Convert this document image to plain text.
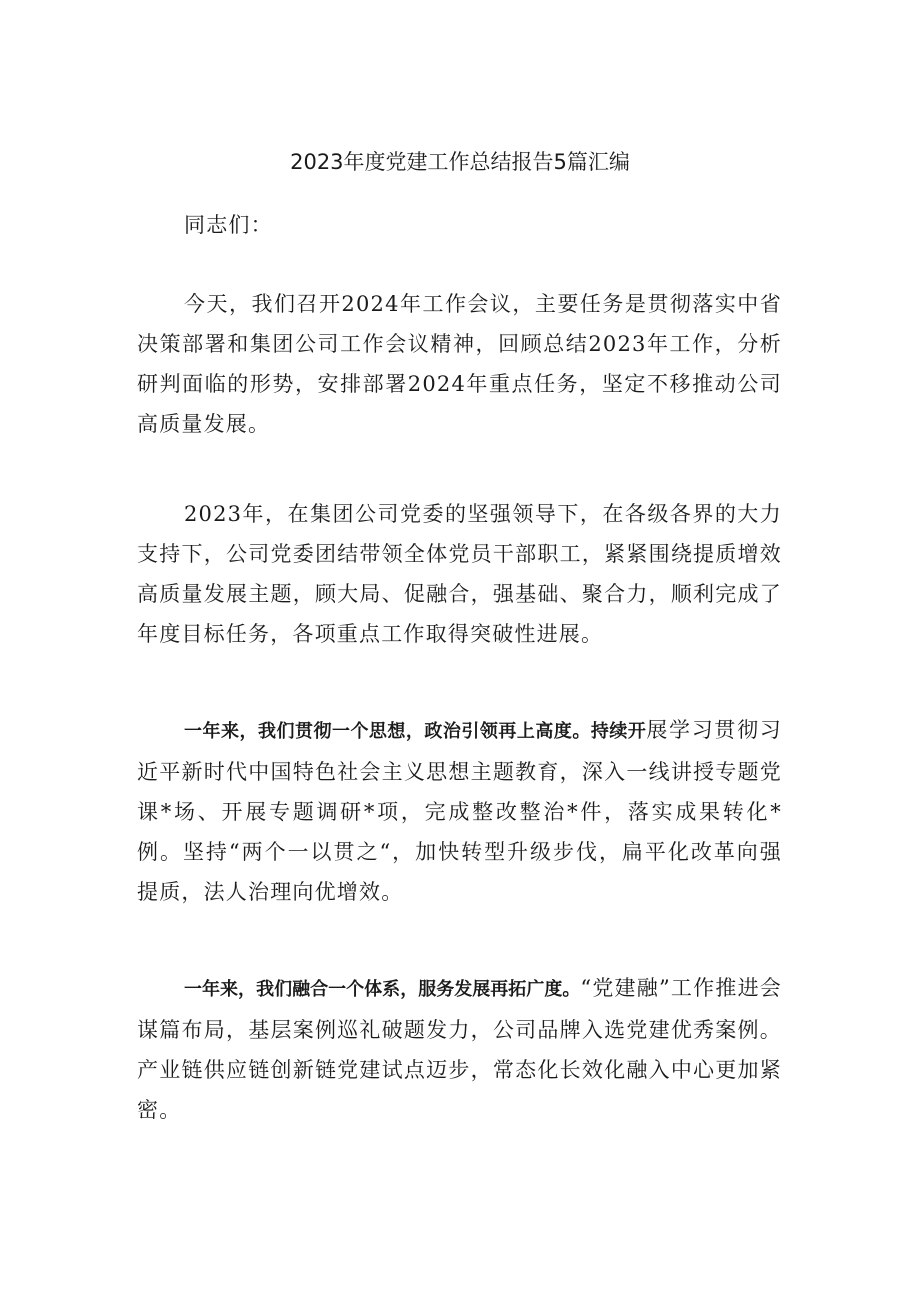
2023年度党建工作总结报告5篇汇编

同志们：

今天，我们召开2024年工作会议，主要任务是贯彻落实中省决策部署和集团公司工作会议精神，回顾总结2023年工作，分析研判面临的形势，安排部署2024年重点任务，坚定不移推动公司高质量发展。

2023年，在集团公司党委的坚强领导下，在各级各界的大力支持下，公司党委团结带领全体党员干部职工，紧紧围绕提质增效高质量发展主题，顾大局、促融合，强基础、聚合力，顺利完成了年度目标任务，各项重点工作取得突破性进展。

一年来，我们贯彻一个思想，政治引领再上高度。持续开展学习贯彻习近平新时代中国特色社会主义思想主题教育，深入一线讲授专题党课*场、开展专题调研*项，完成整改整治*件，落实成果转化*例。坚持“两个一以贯之“，加快转型升级步伐，扁平化改革向强提质，法人治理向优增效。

一年来，我们融合一个体系，服务发展再拓广度。“党建融”工作推进会谋篇布局，基层案例巡礼破题发力，公司品牌入选党建优秀案例。产业链供应链创新链党建试点迈步，常态化长效化融入中心更加紧密。
